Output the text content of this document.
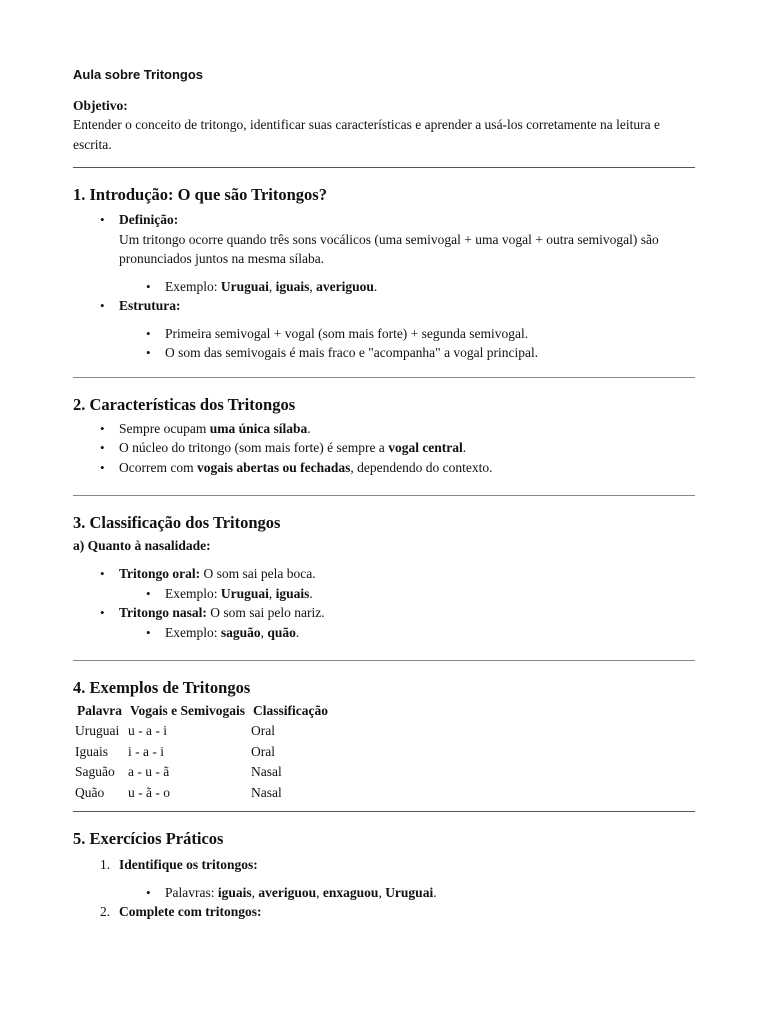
Aula sobre Tritongos
Objetivo:
Entender o conceito de tritongo, identificar suas características e aprender a usá-los corretamente na leitura e escrita.
1. Introdução: O que são Tritongos?
• Definição:
Um tritongo ocorre quando três sons vocálicos (uma semivogal + uma vogal + outra semivogal) são pronunciados juntos na mesma sílaba.
• Exemplo: Uruguai, iguais, averiguou.
• Estrutura:
• Primeira semivogal + vogal (som mais forte) + segunda semivogal.
• O som das semivogais é mais fraco e "acompanha" a vogal principal.
2. Características dos Tritongos
• Sempre ocupam uma única sílaba.
• O núcleo do tritongo (som mais forte) é sempre a vogal central.
• Ocorrem com vogais abertas ou fechadas, dependendo do contexto.
3. Classificação dos Tritongos
a) Quanto à nasalidade:
• Tritongo oral: O som sai pela boca.
• Exemplo: Uruguai, iguais.
• Tritongo nasal: O som sai pelo nariz.
• Exemplo: saguão, quão.
4. Exemplos de Tritongos
Palavra	Vogais e Semivogais	Classificação
Uruguai	u - a - i	Oral
Iguais	i - a - i	Oral
Saguão	a - u - ã	Nasal
Quão	u - ã - o	Nasal
5. Exercícios Práticos
1. Identifique os tritongos:
• Palavras: iguais, averiguou, enxaguou, Uruguai.
2. Complete com tritongos:
